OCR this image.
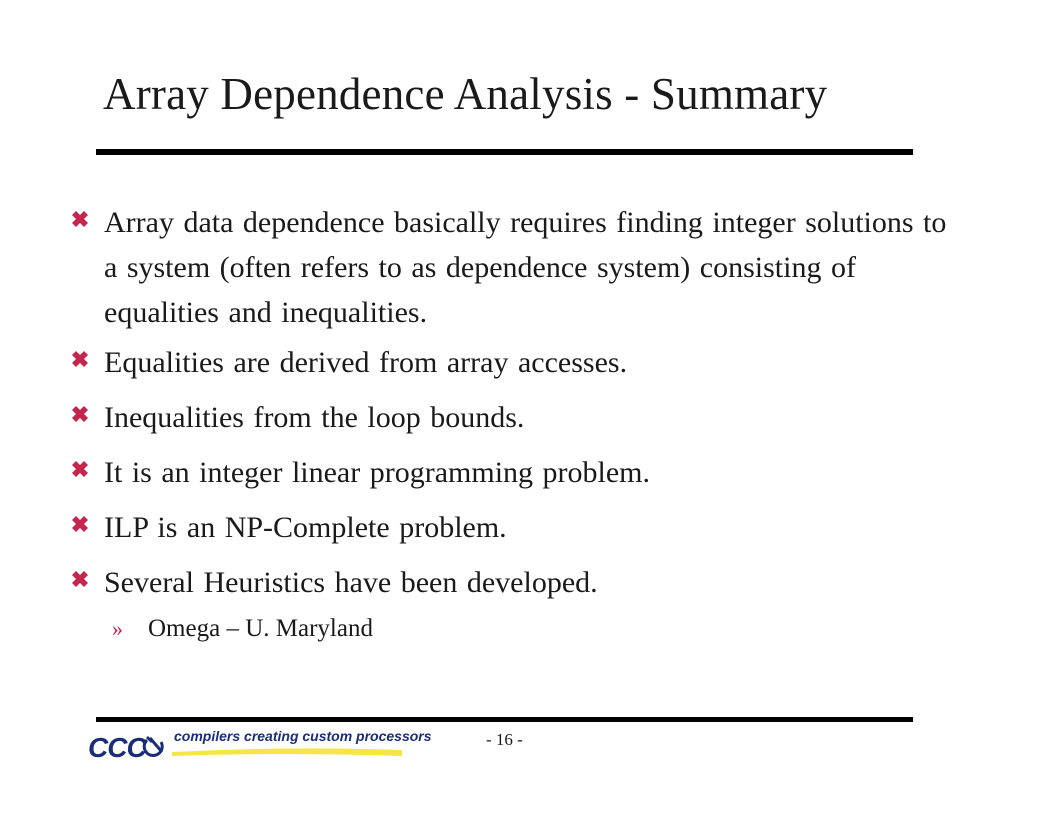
Array Dependence Analysis - Summary
Array data dependence basically requires finding integer solutions to a system (often refers to as dependence system) consisting of equalities and inequalities.
Equalities are derived from array accesses.
Inequalities from the loop bounds.
It is an integer linear programming problem.
ILP is an NP-Complete problem.
Several Heuristics have been developed.
» Omega – U. Maryland
CCC compilers creating custom processors	- 16 -
